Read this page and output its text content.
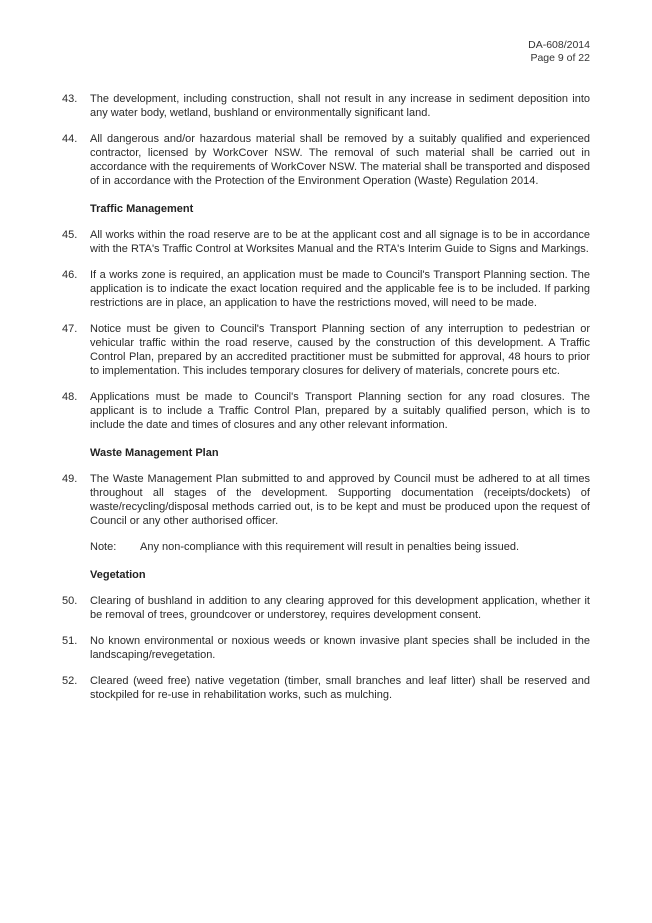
DA-608/2014
Page 9 of 22
43. The development, including construction, shall not result in any increase in sediment deposition into any water body, wetland, bushland or environmentally significant land.

44. All dangerous and/or hazardous material shall be removed by a suitably qualified and experienced contractor, licensed by WorkCover NSW. The removal of such material shall be carried out in accordance with the requirements of WorkCover NSW. The material shall be transported and disposed of in accordance with the Protection of the Environment Operation (Waste) Regulation 2014.

Traffic Management
45. All works within the road reserve are to be at the applicant cost and all signage is to be in accordance with the RTA's Traffic Control at Worksites Manual and the RTA's Interim Guide to Signs and Markings.

46. If a works zone is required, an application must be made to Council's Transport Planning section. The application is to indicate the exact location required and the applicable fee is to be included. If parking restrictions are in place, an application to have the restrictions moved, will need to be made.

47. Notice must be given to Council's Transport Planning section of any interruption to pedestrian or vehicular traffic within the road reserve, caused by the construction of this development. A Traffic Control Plan, prepared by an accredited practitioner must be submitted for approval, 48 hours to prior to implementation. This includes temporary closures for delivery of materials, concrete pours etc.

48. Applications must be made to Council's Transport Planning section for any road closures. The applicant is to include a Traffic Control Plan, prepared by a suitably qualified person, which is to include the date and times of closures and any other relevant information.

Waste Management Plan
49. The Waste Management Plan submitted to and approved by Council must be adhered to at all times throughout all stages of the development. Supporting documentation (receipts/dockets) of waste/recycling/disposal methods carried out, is to be kept and must be produced upon the request of Council or any other authorised officer.

Note: Any non-compliance with this requirement will result in penalties being issued.
Vegetation
50. Clearing of bushland in addition to any clearing approved for this development application, whether it be removal of trees, groundcover or understorey, requires development consent.

51. No known environmental or noxious weeds or known invasive plant species shall be included in the landscaping/revegetation.

52. Cleared (weed free) native vegetation (timber, small branches and leaf litter) shall be reserved and stockpiled for re-use in rehabilitation works, such as mulching.
